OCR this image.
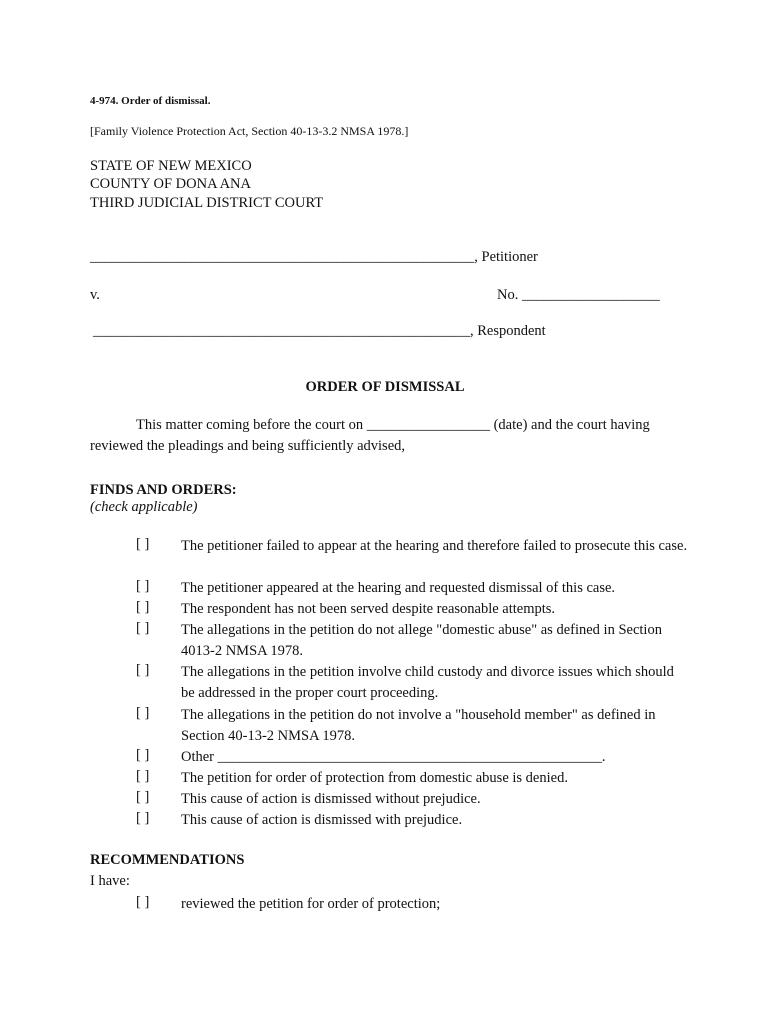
4-974. Order of dismissal.
[Family Violence Protection Act, Section 40-13-3.2 NMSA 1978.]
STATE OF NEW MEXICO
COUNTY OF DONA ANA
THIRD JUDICIAL DISTRICT COURT
_____________________________________________________, Petitioner
v.	No. ___________________
____________________________________________________, Respondent
ORDER OF DISMISSAL
This matter coming before the court on _________________ (date) and the court having
reviewed the pleadings and being sufficiently advised,
FINDS AND ORDERS:
(check applicable)
[ ] The petitioner failed to appear at the hearing and therefore failed to prosecute this case.
[ ] The petitioner appeared at the hearing and requested dismissal of this case.
[ ] The respondent has not been served despite reasonable attempts.
[ ] The allegations in the petition do not allege "domestic abuse" as defined in Section 4013-2 NMSA 1978.
[ ] The allegations in the petition involve child custody and divorce issues which should be addressed in the proper court proceeding.
[ ] The allegations in the petition do not involve a "household member" as defined in Section 40-13-2 NMSA 1978.
[ ] Other _____________________________________________________.
[ ] The petition for order of protection from domestic abuse is denied.
[ ] This cause of action is dismissed without prejudice.
[ ] This cause of action is dismissed with prejudice.
RECOMMENDATIONS
I have:
[ ] reviewed the petition for order of protection;
